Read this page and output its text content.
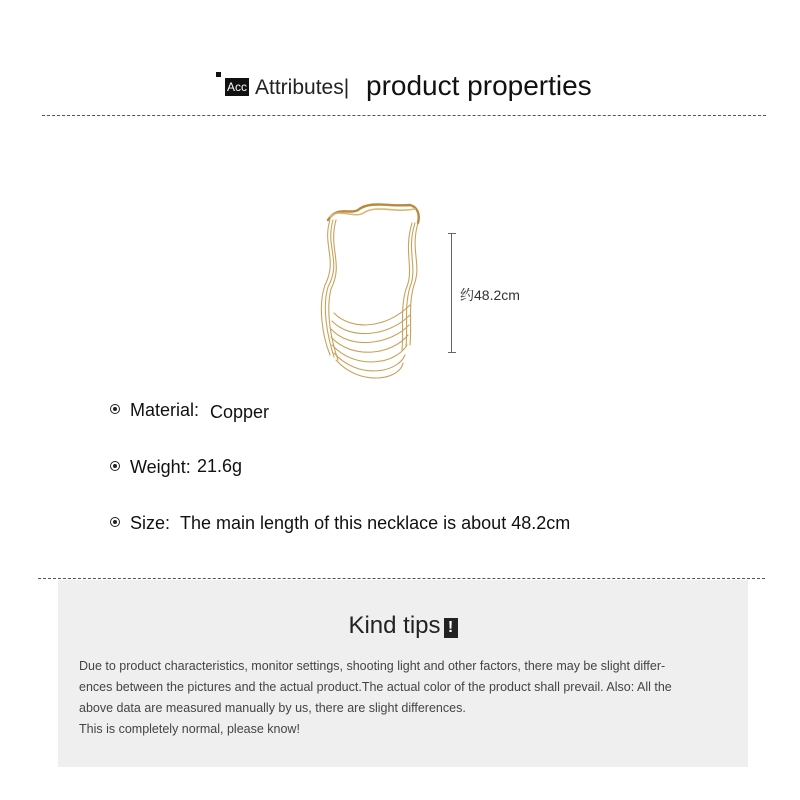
Acc Attributes| product properties
约48.2cm
Material: Copper
Weight: 21.6g
Size: The main length of this necklace is about 48.2cm
Kind tips !

Due to product characteristics, monitor settings, shooting light and other factors, there may be slight differ-

ences between the pictures and the actual product.The actual color of the product shall prevail. Also: All the

above data are measured manually by us, there are slight differences.

This is completely normal, please know!
